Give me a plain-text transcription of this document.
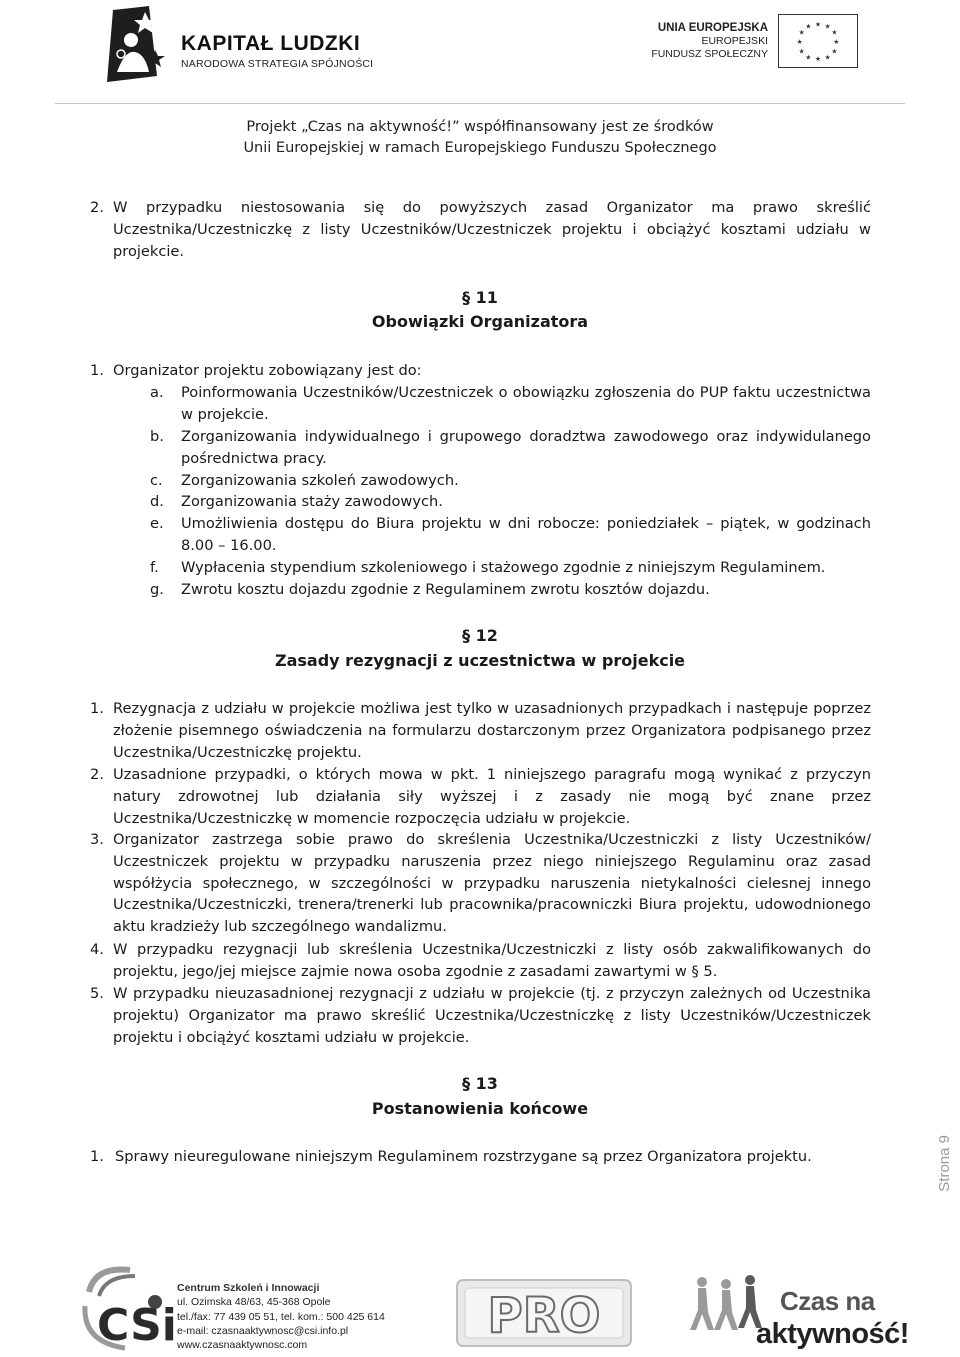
KAPITAŁ LUDZKI
NARODOWA STRATEGIA SPÓJNOŚCI
UNIA EUROPEJSKA
EUROPEJSKI
FUNDUSZ SPOŁECZNY
★ ★
★
★
★
★
★
★
★
★
★
★
Projekt „Czas na aktywność!” współfinansowany jest ze środków
Unii Europejskiej w ramach Europejskiego Funduszu Społecznego
2. W przypadku niestosowania się do powyższych zasad Organizator ma prawo skreślić Uczestnika/Uczestniczkę z listy Uczestników/Uczestniczek projektu i obciążyć kosztami udziału w projekcie.
§ 11
Obowiązki Organizatora
1. Organizator projektu zobowiązany jest do:
a. Poinformowania Uczestników/Uczestniczek o obowiązku zgłoszenia do PUP faktu uczestnictwa w projekcie.
b. Zorganizowania indywidualnego i grupowego doradztwa zawodowego oraz indywidulanego pośrednictwa pracy.
c. Zorganizowania szkoleń zawodowych.
d. Zorganizowania staży zawodowych.
e. Umożliwienia dostępu do Biura projektu w dni robocze: poniedziałek – piątek, w godzinach 8.00 – 16.00.
f. Wypłacenia stypendium szkoleniowego i stażowego zgodnie z niniejszym Regulaminem.
g. Zwrotu kosztu dojazdu zgodnie z Regulaminem zwrotu kosztów dojazdu.
§ 12
Zasady rezygnacji z uczestnictwa w projekcie
1. Rezygnacja z udziału w projekcie możliwa jest tylko w uzasadnionych przypadkach i następuje poprzez złożenie pisemnego oświadczenia na formularzu dostarczonym przez Organizatora podpisanego przez Uczestnika/Uczestniczkę projektu.
2. Uzasadnione przypadki, o których mowa w pkt. 1 niniejszego paragrafu mogą wynikać z przyczyn natury zdrowotnej lub działania siły wyższej i z zasady nie mogą być znane przez Uczestnika/Uczestniczkę w momencie rozpoczęcia udziału w projekcie.
3. Organizator zastrzega sobie prawo do skreślenia Uczestnika/Uczestniczki z listy Uczestników/ Uczestniczek projektu w przypadku naruszenia przez niego niniejszego Regulaminu oraz zasad współżycia społecznego, w szczególności w przypadku naruszenia nietykalności cielesnej innego Uczestnika/Uczestniczki, trenera/trenerki lub pracownika/pracowniczki Biura projektu, udowodnionego aktu kradzieży lub szczególnego wandalizmu.
4. W przypadku rezygnacji lub skreślenia Uczestnika/Uczestniczki z listy osób zakwalifikowanych do projektu, jego/jej miejsce zajmie nowa osoba zgodnie z zasadami zawartymi w § 5.
5. W przypadku nieuzasadnionej rezygnacji z udziału w projekcie (tj. z przyczyn zależnych od Uczestnika projektu) Organizator ma prawo skreślić Uczestnika/Uczestniczkę z listy Uczestników/Uczestniczek projektu i obciążyć kosztami udziału w projekcie.
§ 13
Postanowienia końcowe
1. Sprawy nieuregulowane niniejszym Regulaminem rozstrzygane są przez Organizatora projektu.	Strona 9
CSi
Centrum Szkoleń i Innowacji
ul. Ozimska 48/63, 45-368 Opole
tel./fax: 77 439 05 51, tel. kom.: 500 425 614
e-mail: czasnaaktywnosc@csi.info.pl
www.czasnaaktywnosc.com
PRO	Czas na
aktywność!
